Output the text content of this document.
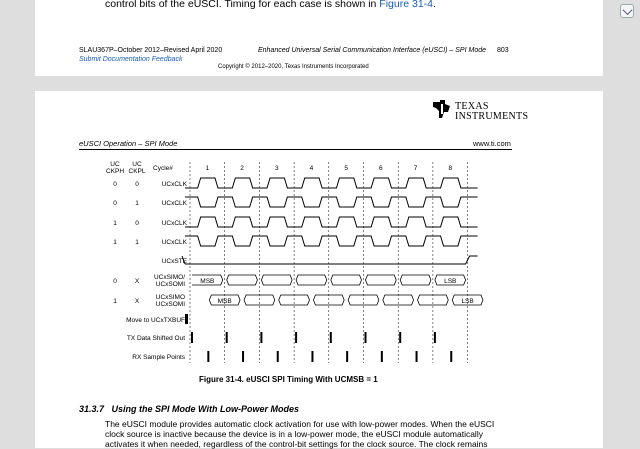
control bits of the eUSCI. Timing for each case is shown in Figure 31-4.
SLAU367P–October 2012–Revised April 2020
Submit Documentation Feedback
Enhanced Universal Serial Communication Interface (eUSCI) – SPI Mode 803
Copyright © 2012–2020, Texas Instruments Incorporated
TEXAS
INSTRUMENTS
eUSCI Operation – SPI Mode	www.ti.com
UC
CKPH
UC
CKPL Cycle#	1	2	3	4	5	6	7	8
0	0	UCxCLK
0	1	UCxCLK
1	0	UCxCLK
1	1	UCxCLK
UCxSTE
0	X
UCxSIMO/
UCxSOMI MSB	LSB
1	X
UCxSIMO
UCxSOMI	MSB	LSB
Move to UCxTXBUF
TX Data Shifted Out
RX Sample Points
Figure 31-4. eUSCI SPI Timing With UCMSB = 1
31.3.7 Using the SPI Mode With Low-Power Modes
The eUSCI module provides automatic clock activation for use with low-power modes. When the eUSCI
clock source is inactive because the device is in a low-power mode, the eUSCI module automatically
activates it when needed, regardless of the control-bit settings for the clock source. The clock remains
